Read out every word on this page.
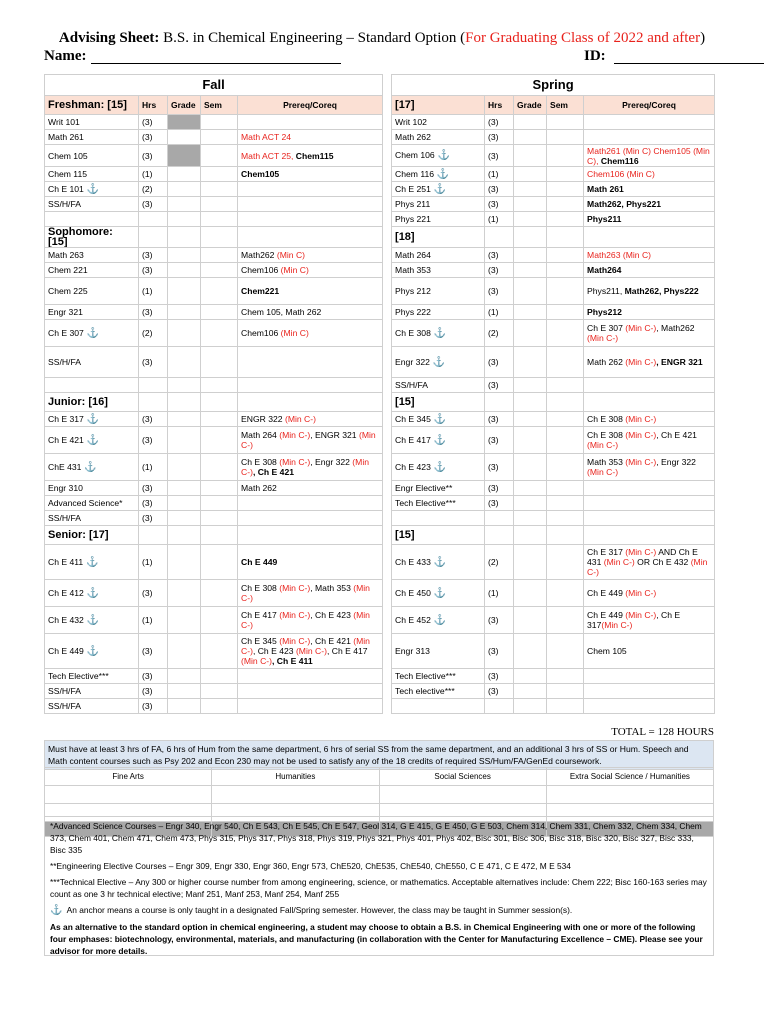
Advising Sheet: B.S. in Chemical Engineering – Standard Option (For Graduating Class of 2022 and after)
Name:	ID:
Fall						Spring				
Freshman: [15]	Hrs	Grade	Sem	Prereq/Coreq		[17]	Hrs	Grade	Sem	Prereq/Coreq
Writ 101	(3)					Writ 102	(3)			
Math 261	(3)			Math ACT 24		Math 262	(3)			
Chem 105	(3)			Math ACT 25, Chem115		Chem 106 ⚓	(3)			Math261 (Min C) Chem105 (Min C), Chem116
Chem 115	(1)			Chem105		Chem 116 ⚓	(1)			Chem106 (Min C)
Ch E 101 ⚓	(2)					Ch E 251 ⚓	(3)			Math 261
SS/H/FA	(3)					Phys 211	(3)			Math262, Phys221
						Phys 221	(1)			Phys211
Sophomore: [15]						[18]				
Math 263	(3)			Math262 (Min C)		Math 264	(3)			Math263 (Min C)
Chem 221	(3)			Chem106 (Min C)		Math 353	(3)			Math264
Chem 225	(1)			Chem221		Phys 212	(3)			Phys211, Math262, Phys222
Engr 321	(3)			Chem 105, Math 262		Phys 222	(1)			Phys212
Ch E 307 ⚓	(2)			Chem106 (Min C)		Ch E 308 ⚓	(2)			Ch E 307 (Min C-), Math262 (Min C-)
SS/H/FA	(3)					Engr 322 ⚓	(3)			Math 262 (Min C-), ENGR 321
						SS/H/FA	(3)			
Junior: [16]						[15]				
Ch E 317 ⚓	(3)			ENGR 322 (Min C-)		Ch E 345 ⚓	(3)			Ch E 308 (Min C-)
Ch E 421 ⚓	(3)			Math 264 (Min C-), ENGR 321 (Min C-)		Ch E 417 ⚓	(3)			Ch E 308 (Min C-), Ch E 421 (Min C-)
ChE 431 ⚓	(1)			Ch E 308 (Min C-), Engr 322 (Min C-), Ch E 421		Ch E 423 ⚓	(3)			Math 353 (Min C-), Engr 322 (Min C-)
Engr 310	(3)			Math 262		Engr Elective**	(3)			
Advanced Science*	(3)					Tech Elective***	(3)			
SS/H/FA	(3)									
Senior: [17]						[15]				
Ch E 411 ⚓	(1)			Ch E 449		Ch E 433 ⚓	(2)			Ch E 317 (Min C-) AND Ch E 431 (Min C-) OR Ch E 432 (Min C-)
Ch E 412 ⚓	(3)			Ch E 308 (Min C-), Math 353 (Min C-)		Ch E 450 ⚓	(1)			Ch E 449 (Min C-)
Ch E 432 ⚓	(1)			Ch E 417 (Min C-), Ch E 423 (Min C-)		Ch E 452 ⚓	(3)			Ch E 449 (Min C-), Ch E 317(Min C-)
Ch E 449 ⚓	(3)			Ch E 345 (Min C-), Ch E 421 (Min C-), Ch E 423 (Min C-), Ch E 417 (Min C-), Ch E 411		Engr 313	(3)			Chem 105
Tech Elective***	(3)					Tech Elective***	(3)			
SS/H/FA	(3)					Tech elective***	(3)			
SS/H/FA	(3)									
TOTAL = 128 HOURS
Must have at least 3 hrs of FA, 6 hrs of Hum from the same department, 6 hrs of serial SS from the same department, and an additional 3 hrs of SS or Hum. Speech and Math content courses such as Psy 202 and Econ 230 may not be used to satisfy any of the 18 credits of required SS/Hum/FA/GenEd coursework.
Fine Arts	Humanities	Social Sciences	Extra Social Science / Humanities

*Advanced Science Courses – Engr 340, Engr 540, Ch E 543, Ch E 545, Ch E 547, Geol 314, G E 415, G E 450, G E 503, Chem 314, Chem 331, Chem 332, Chem 334, Chem 373, Chem 401, Chem 471, Chem 473, Phys 315, Phys 317, Phys 318, Phys 319, Phys 321, Phys 401, Phys 402, Bisc 301, Bisc 306, Bisc 318, Bisc 320, Bisc 327, Bisc 333, Bisc 335

**Engineering Elective Courses – Engr 309, Engr 330, Engr 360, Engr 573, ChE520, ChE535, ChE540, ChE550, C E 471, C E 472, M E 534

***Technical Elective – Any 300 or higher course number from among engineering, science, or mathematics. Acceptable alternatives include: Chem 222; Bisc 160-163 series may count as one 3 hr technical elective; Manf 251, Manf 253, Manf 254, Manf 255

⚓ An anchor means a course is only taught in a designated Fall/Spring semester. However, the class may be taught in Summer session(s).

As an alternative to the standard option in chemical engineering, a student may choose to obtain a B.S. in Chemical Engineering with one or more of the following four emphases: biotechnology, environmental, materials, and manufacturing (in collaboration with the Center for Manufacturing Excellence – CME). Please see your advisor for more details.
